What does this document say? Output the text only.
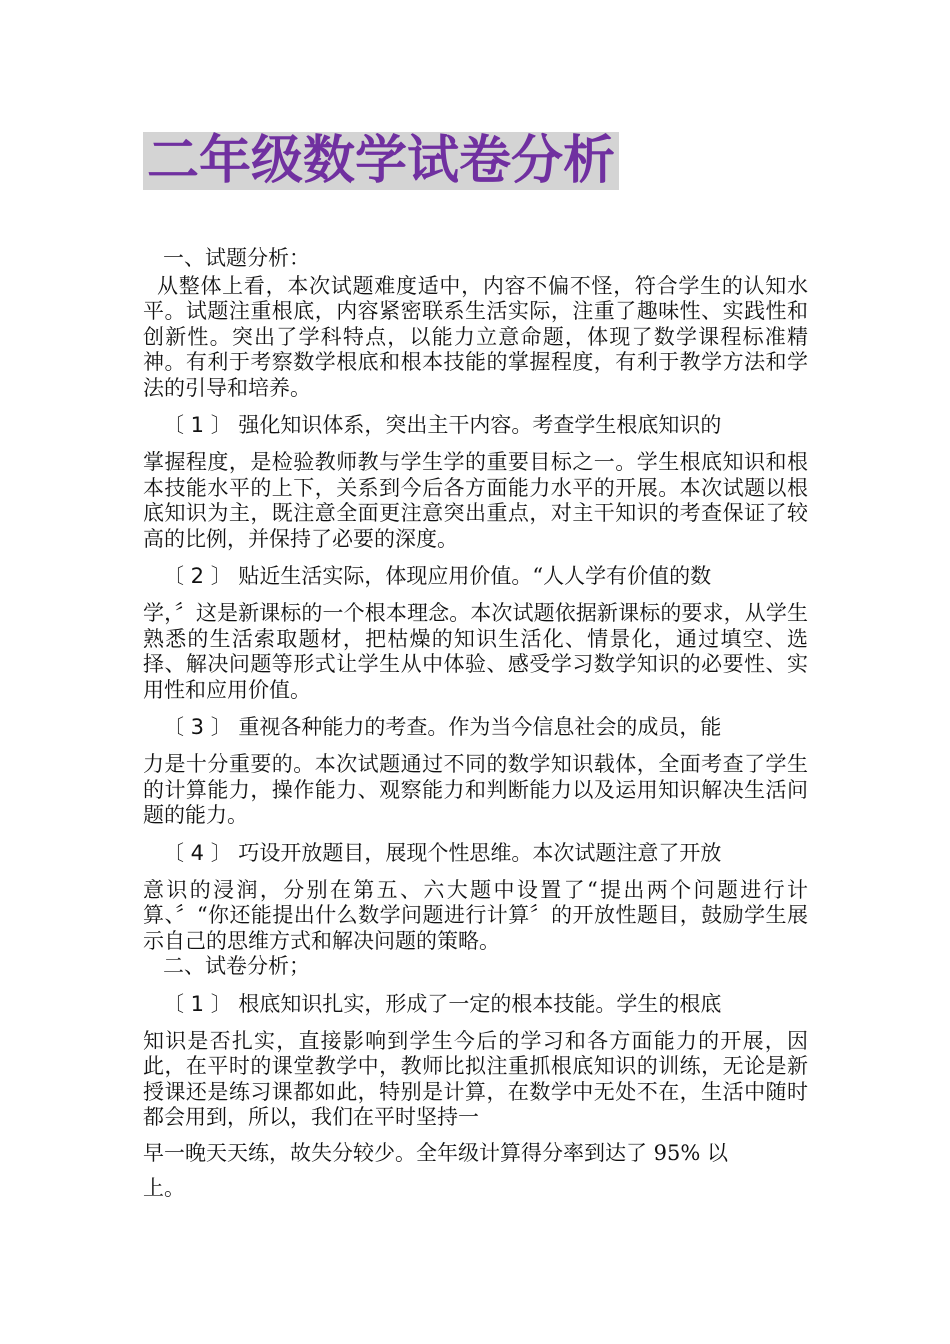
二年级数学试卷分析

一、试题分析：

从整体上看，本次试题难度适中，内容不偏不怪，符合学生的认知水平。试题注重根底，内容紧密联系生活实际，注重了趣味性、实践性和创新性。突出了学科特点，以能力立意命题，体现了数学课程标准精神。有利于考察数学根底和根本技能的掌握程度，有利于教学方法和学法的引导和培养。

〔 1 〕 强化知识体系，突出主干内容。考查学生根底知识的

掌握程度，是检验教师教与学生学的重要目标之一。学生根底知识和根本技能水平的上下，关系到今后各方面能力水平的开展。本次试题以根底知识为主，既注意全面更注意突出重点，对主干知识的考查保证了较高的比例，并保持了必要的深度。

〔 2 〕 贴近生活实际，体现应用价值。“人人学有价值的数

学，〞这是新课标的一个根本理念。本次试题依据新课标的要求，从学生熟悉的生活索取题材，把枯燥的知识生活化、情景化，通过填空、选择、解决问题等形式让学生从中体验、感受学习数学知识的必要性、实用性和应用价值。

〔 3 〕 重视各种能力的考查。作为当今信息社会的成员，能

力是十分重要的。本次试题通过不同的数学知识载体，全面考查了学生的计算能力，操作能力、观察能力和判断能力以及运用知识解决生活问题的能力。

〔 4 〕 巧设开放题目，展现个性思维。本次试题注意了开放

意识的浸润，分别在第五、六大题中设置了“提出两个问题进行计算、〞“你还能提出什么数学问题进行计算〞的开放性题目，鼓励学生展示自己的思维方式和解决问题的策略。

二、试卷分析；

〔 1 〕 根底知识扎实，形成了一定的根本技能。学生的根底

知识是否扎实，直接影响到学生今后的学习和各方面能力的开展，因此，在平时的课堂教学中，教师比拟注重抓根底知识的训练，无论是新授课还是练习课都如此，特别是计算，在数学中无处不在，生活中随时都会用到，所以，我们在平时坚持一

早一晚天天练，故失分较少。全年级计算得分率到达了 95% 以

上。
